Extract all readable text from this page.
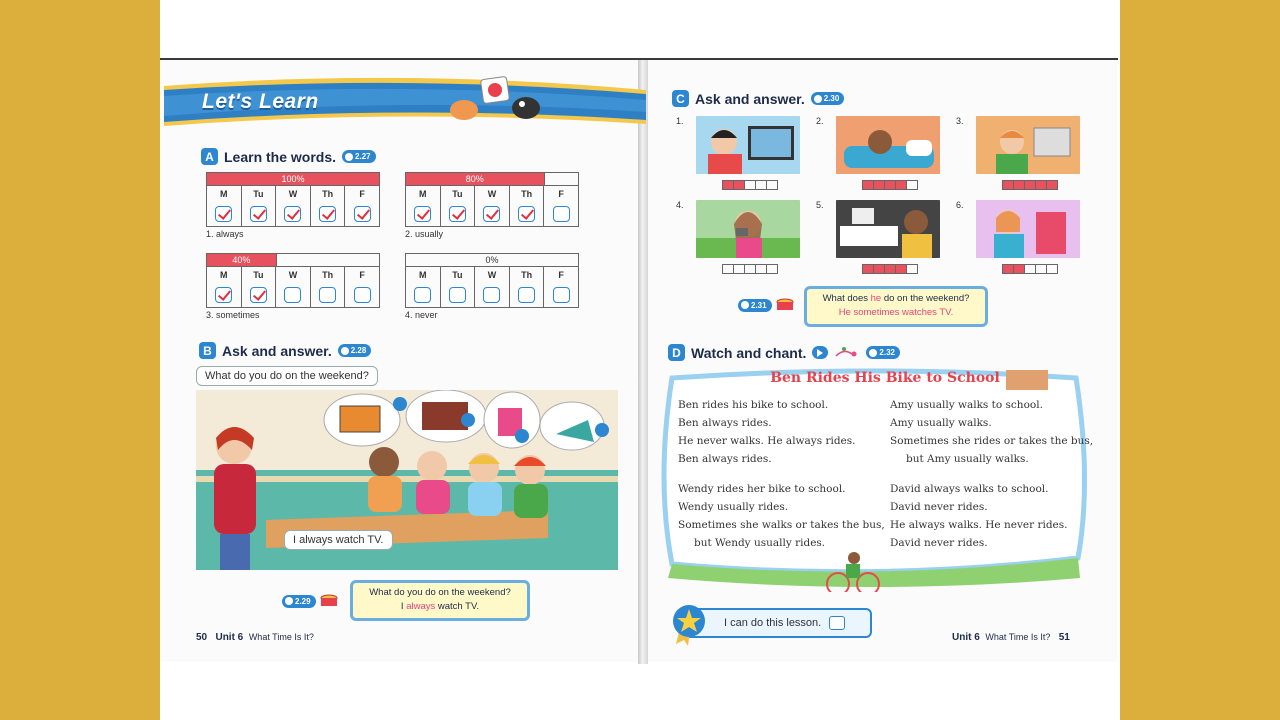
Let's Learn
A Learn the words. 2.27
100%
M	Tu	W	Th	F
1. always
80%
M	Tu	W	Th	F
2. usually
40%
M	Tu	W	Th	F
3. sometimes
0%
M	Tu	W	Th	F
4. never
B Ask and answer. 2.28
What do you do on the weekend?
I always watch TV.
2.29
What do you do on the weekend?
I always watch TV.
50 Unit 6 What Time Is It?
C Ask and answer. 2.30
1.	2.	3.
4.	5.	6.
2.31
What does he do on the weekend?
He sometimes watches TV.
D Watch and chant.	2.32
Ben Rides His Bike to School
Ben rides his bike to school.
Ben always rides.
He never walks. He always rides.
Ben always rides.
Amy usually walks to school.
Amy usually walks.
Sometimes she rides or takes the bus,
but Amy usually walks.
Wendy rides her bike to school.
Wendy usually rides.
Sometimes she walks or takes the bus,
but Wendy usually rides.
David always walks to school.
David never rides.
He always walks. He never rides.
David never rides.
I can do this lesson.
Unit 6 What Time Is It? 51
